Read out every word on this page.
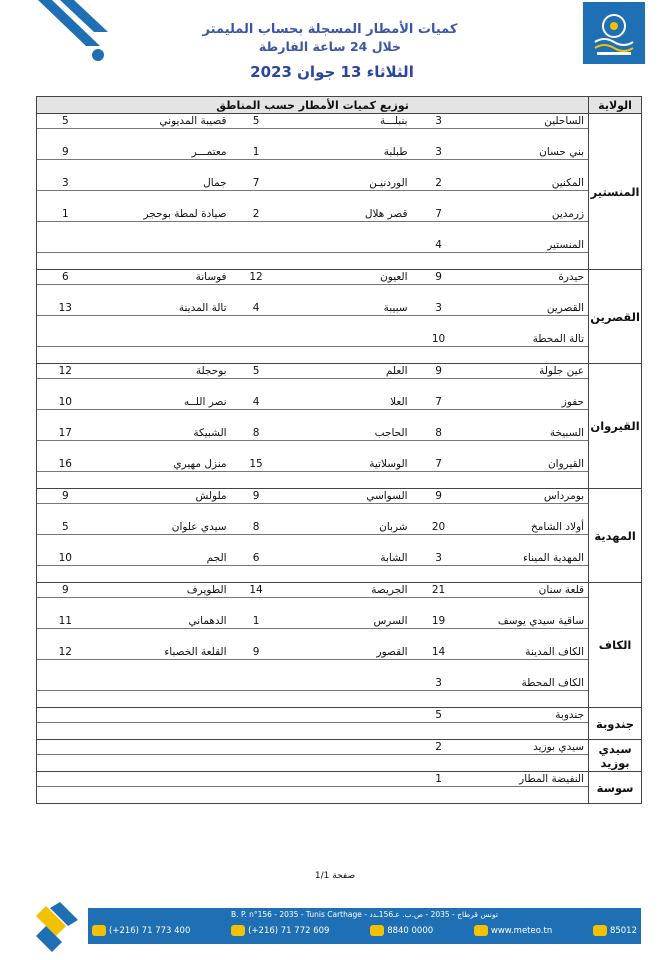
كميات الأمطار المسجلة بحساب المليمتر
خلال 24 ساعة الفارطة
الثلاثاء 13 جوان 2023
الولاية	توزيع كميات الأمطار حسب المناطق					
المنستير	الساحلين	3	بنبلـــة	5	قصيبة المديوني	5

	بني حسان	3	طبلبة	1	معتمـــر	9

	المكنين	2	الوردنيـن	7	جمال	3

	زرمدين	7	قصر هلال	2	صيادة لمطة بوحجر	1

	المنستير	4

القصرين	حيدرة	9	العيون	12	فوسانة	6

	القصرين	3	سبيبة	4	تالة المدينة	13

	تالة المحطة	10

القيروان	عين جلولة	9	العلم	5	بوحجلة	12

	حفوز	7	العلا	4	نصر اللــه	10

	السبيخة	8	الحاجب	8	الشبيكة	17

	القيروان	7	الوسلاتية	15	منزل مهيري	16

المهدية	بومرداس	9	السواسي	9	ملولش	9

	أولاد الشامخ	20	شربان	8	سيدي علوان	5

	المهدية الميناء	3	الشابة	6	الجم	10

الكاف	قلعة سنان	21	الجريصة	14	الطويرف	9

	ساقية سيدي يوسف	19	السرس	1	الدهماني	11

	الكاف المدينة	14	القصور	9	القلعة الخصباء	12

	الكاف المحطة	3

جندوبة	جندوبة	5

سيدي بوزيد	سيدي بوزيد	2

سوسة	النفيضة المطار	1

صفحة 1/1
B. P. n°156 - 2035 - Tunis Carthage - تونس قرطاج - 2035 - ص.ب. عـ156ـدد
(+216) 71 773 400	(+216) 71 772 609	8840 0000	www.meteo.tn	85012
